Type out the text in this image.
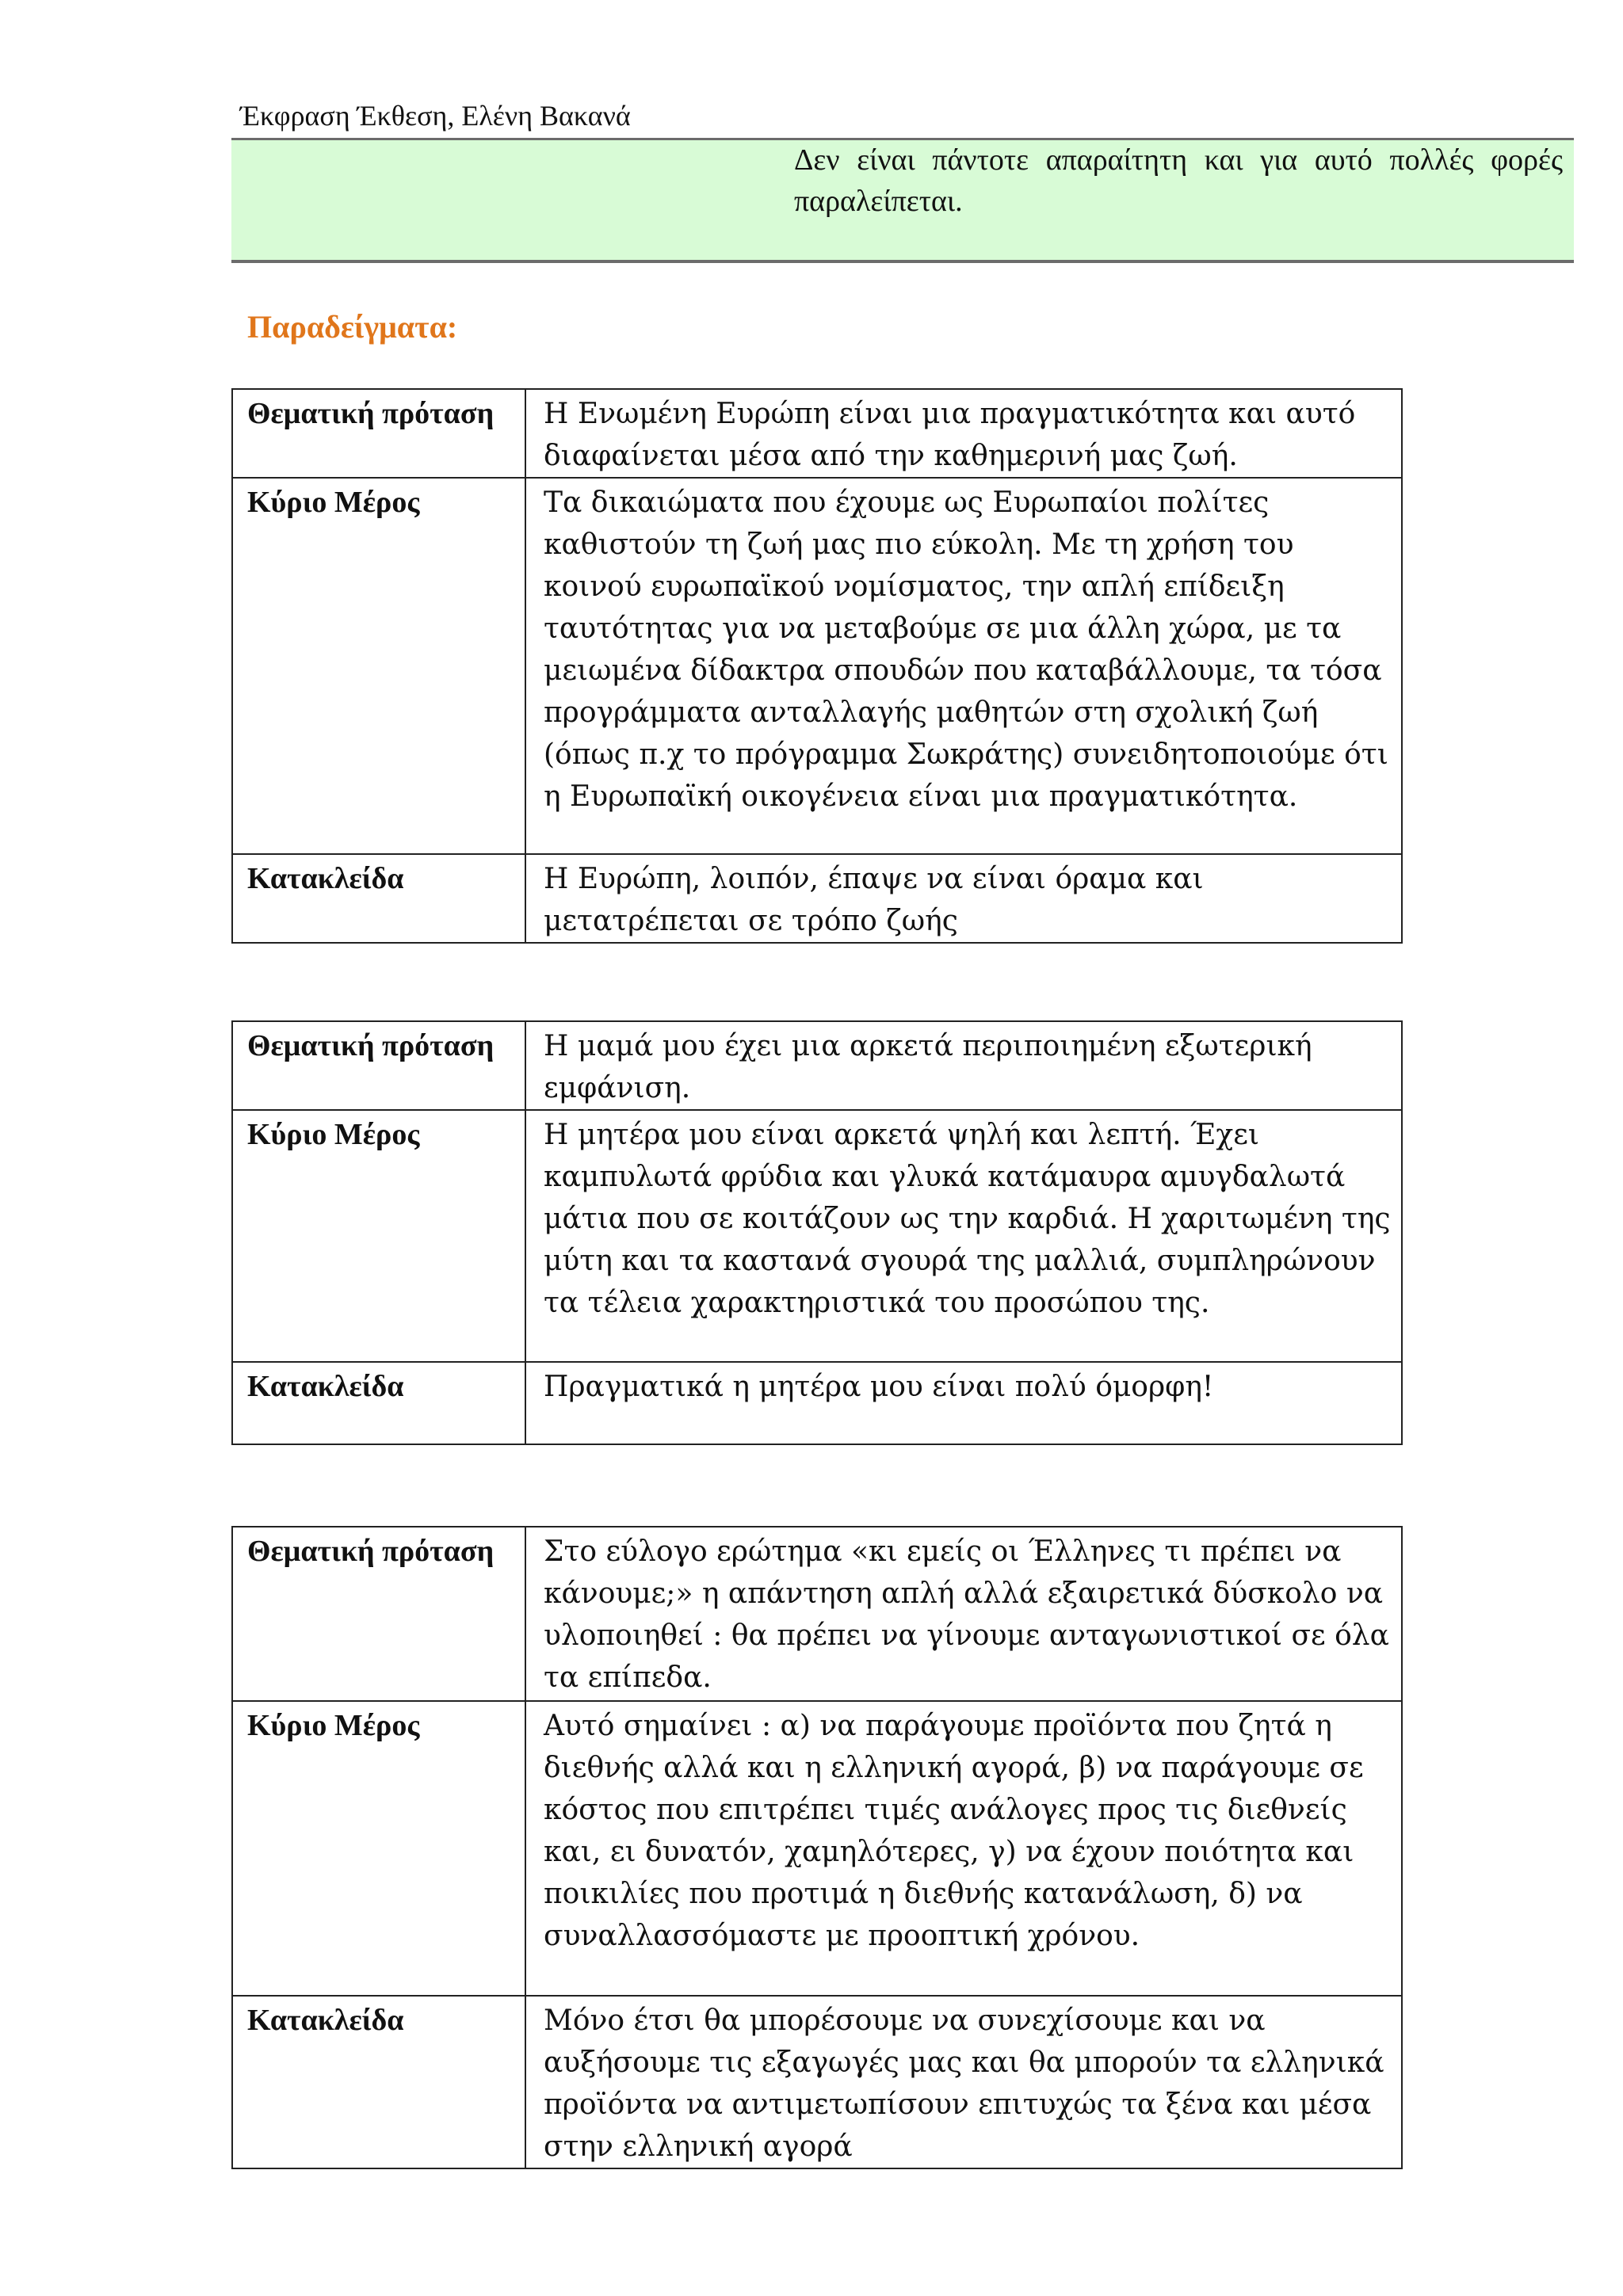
Έκφραση Έκθεση, Ελένη Βακανά
Δεν είναι πάντοτε απαραίτητη και για αυτό πολλές φορές παραλείπεται.
Παραδείγματα:
Θεματική πρόταση	Η Ενωμένη Ευρώπη είναι μια πραγματικότητα και αυτό διαφαίνεται μέσα από την καθημερινή μας ζωή.
Κύριο Μέρος	Τα δικαιώματα που έχουμε ως Ευρωπαίοι πολίτες καθιστούν τη ζωή μας πιο εύκολη. Με τη χρήση του κοινού ευρωπαϊκού νομίσματος, την απλή επίδειξη ταυτότητας για να μεταβούμε σε μια άλλη χώρα, με τα μειωμένα δίδακτρα σπουδών που καταβάλλουμε, τα τόσα προγράμματα ανταλλαγής μαθητών στη σχολική ζωή (όπως π.χ το πρόγραμμα Σωκράτης) συνειδητοποιούμε ότι η Ευρωπαϊκή οικογένεια είναι μια πραγματικότητα.
Κατακλείδα	Η Ευρώπη, λοιπόν, έπαψε να είναι όραμα και μετατρέπεται σε τρόπο ζωής
Θεματική πρόταση	Η μαμά μου έχει μια αρκετά περιποιημένη εξωτερική εμφάνιση.
Κύριο Μέρος	Η μητέρα μου είναι αρκετά ψηλή και λεπτή. Έχει καμπυλωτά φρύδια και γλυκά κατάμαυρα αμυγδαλωτά μάτια που σε κοιτάζουν ως την καρδιά. Η χαριτωμένη της μύτη και τα καστανά σγουρά της μαλλιά, συμπληρώνουν τα τέλεια χαρακτηριστικά του προσώπου της.
Κατακλείδα	Πραγματικά η μητέρα μου είναι πολύ όμορφη!
Θεματική πρόταση	Στο εύλογο ερώτημα «κι εμείς οι Έλληνες τι πρέπει να κάνουμε;» η απάντηση απλή αλλά εξαιρετικά δύσκολο να υλοποιηθεί : θα πρέπει να γίνουμε ανταγωνιστικοί σε όλα τα επίπεδα.
Κύριο Μέρος	Αυτό σημαίνει : α) να παράγουμε προϊόντα που ζητά η διεθνής αλλά και η ελληνική αγορά, β) να παράγουμε σε κόστος που επιτρέπει τιμές ανάλογες προς τις διεθνείς και, ει δυνατόν, χαμηλότερες, γ) να έχουν ποιότητα και ποικιλίες που προτιμά η διεθνής κατανάλωση, δ) να συναλλασσόμαστε με προοπτική χρόνου.
Κατακλείδα	Μόνο έτσι θα μπορέσουμε να συνεχίσουμε και να αυξήσουμε τις εξαγωγές μας και θα μπορούν τα ελληνικά προϊόντα να αντιμετωπίσουν επιτυχώς τα ξένα και μέσα στην ελληνική αγορά
